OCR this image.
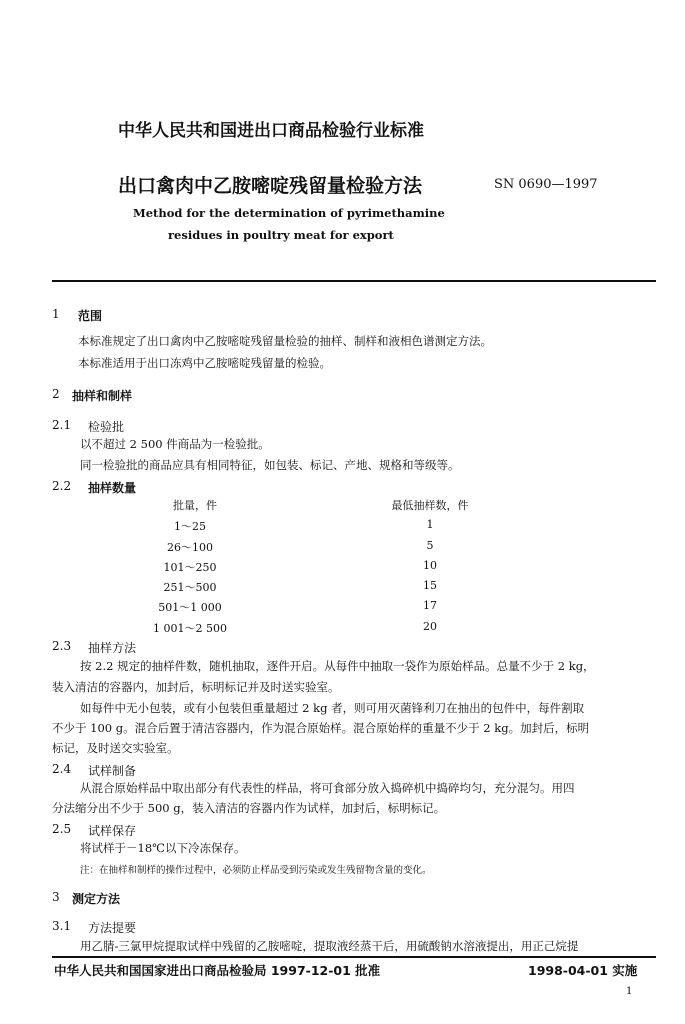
中华人民共和国进出口商品检验行业标准
出口禽肉中乙胺嘧啶残留量检验方法	SN 0690—1997
Method for the determination of pyrimethamine
residues in poultry meat for export
1 范围
本标准规定了出口禽肉中乙胺嘧啶残留量检验的抽样、制样和液相色谱测定方法。
本标准适用于出口冻鸡中乙胺嘧啶残留量的检验。
2 抽样和制样
2.1 检验批
以不超过 2 500 件商品为一检验批。
同一检验批的商品应具有相同特征，如包装、标记、产地、规格和等级等。
2.2 抽样数量
批量，件	最低抽样数，件
1～25	1
26～100	5
101～250	10
251～500	15
501～1 000	17
1 001～2 500	20
2.3 抽样方法
按 2.2 规定的抽样件数，随机抽取，逐件开启。从每件中抽取一袋作为原始样品。总量不少于 2 kg，
装入清洁的容器内，加封后，标明标记并及时送实验室。
如每件中无小包装，或有小包装但重量超过 2 kg 者，则可用灭菌锋利刀在抽出的包件中，每件割取
不少于 100 g。混合后置于清洁容器内，作为混合原始样。混合原始样的重量不少于 2 kg。加封后，标明
标记，及时送交实验室。
2.4 试样制备
从混合原始样品中取出部分有代表性的样品，将可食部分放入捣碎机中捣碎均匀，充分混匀。用四
分法缩分出不少于 500 g，装入清洁的容器内作为试样，加封后，标明标记。
2.5 试样保存
将试样于－18℃以下冷冻保存。
注：在抽样和制样的操作过程中，必须防止样品受到污染或发生残留物含量的变化。
3 测定方法
3.1 方法提要
用乙腈-三氯甲烷提取试样中残留的乙胺嘧啶，提取液经蒸干后，用硫酸钠水溶液提出，用正己烷提
中华人民共和国国家进出口商品检验局 1997-12-01 批准	1998-04-01 实施
1
